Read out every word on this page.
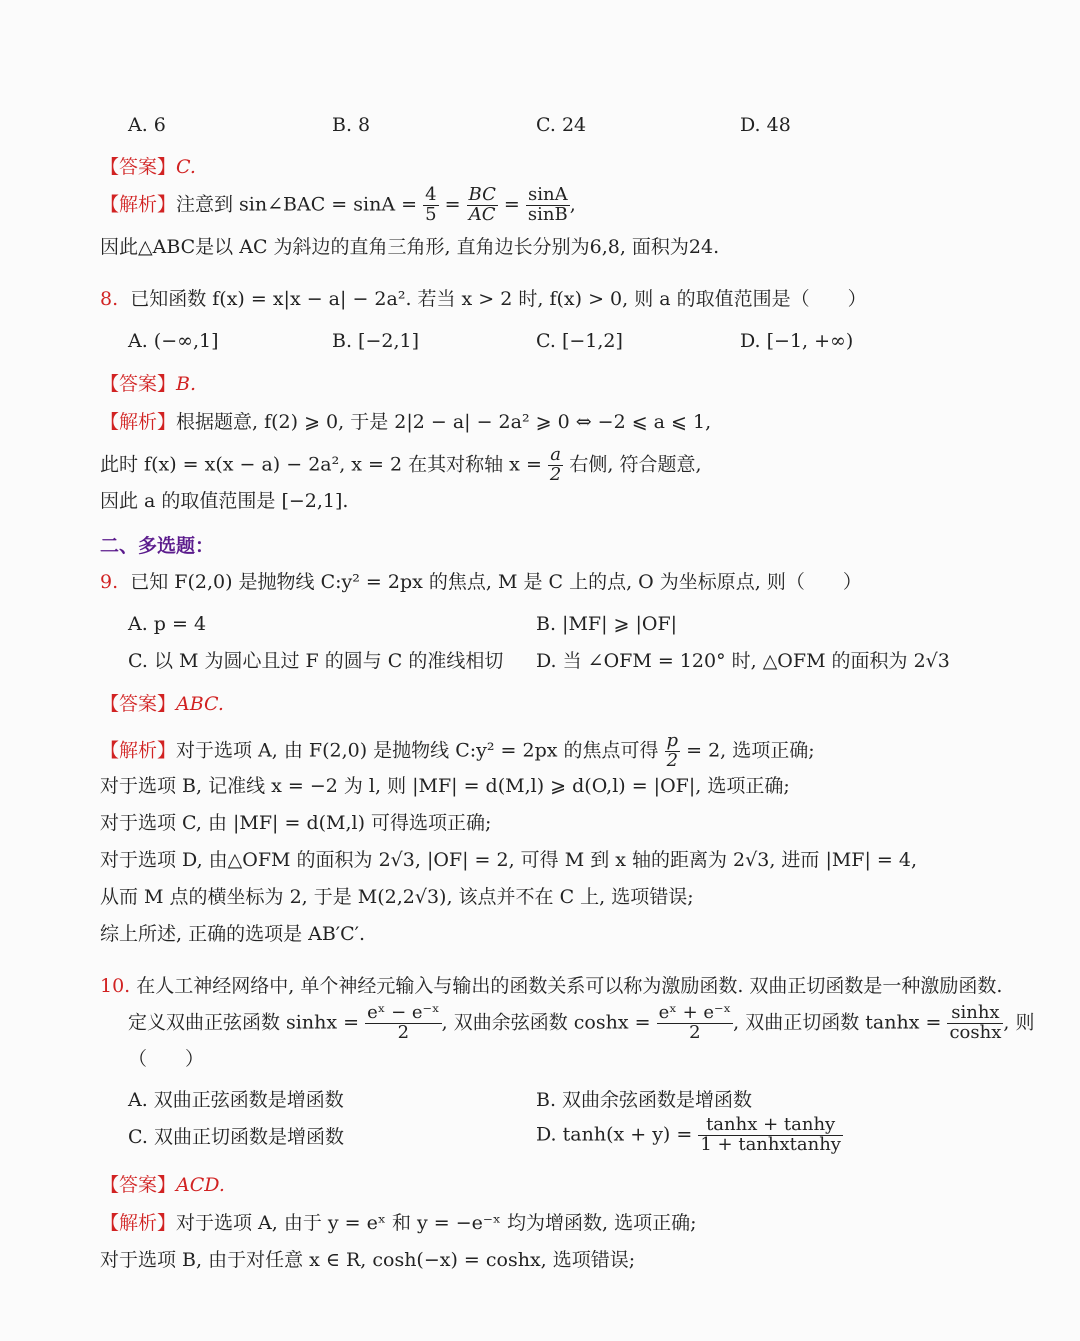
A. 6	B. 8	C. 24	D. 48
【答案】C.
【解析】注意到 sin∠BAC = $\sin A = \frac{4}{5} = \frac{BC}{AC} = \frac{\sin A}{\sin B}$ ,
因此△ABC是以 AC 为斜边的直角三角形, 直角边长分别为6,8, 面积为24.
8. 已知函数 f(x) = x|x − a| − 2a². 若当 x > 2 时, f(x) > 0, 则 a 的取值范围是（　　）
A. (−∞,1]	B. [−2,1]	C. [−1,2]	D. [−1, +∞)
【答案】B.
【解析】根据题意, f(2) ⩾ 0, 于是 2|2 − a| − 2a² ⩾ 0 ⇔ −2 ⩽ a ⩽ 1,
此时 f(x) = x(x − a) − 2a², x = 2 在其对称轴 $x = \frac{a}{2}$ 右侧, 符合题意,
因此 a 的取值范围是 [−2,1].
二、多选题：
9. 已知 F(2,0) 是抛物线 C:y² = 2px 的焦点, M 是 C 上的点, O 为坐标原点, 则（　　）
A. p = 4	B. |MF| ⩾ |OF|
C. 以 M 为圆心且过 F 的圆与 C 的准线相切 D. 当 ∠OFM = 120° 时, △OFM 的面积为 2√3
【答案】ABC.
【解析】对于选项 A, 由 F(2,0) 是抛物线 C:y² = 2px 的焦点可得 $\frac{p}{2} = 2$, 选项正确;
对于选项 B, 记准线 x = −2 为 l, 则 |MF| = d(M,l) ⩾ d(O,l) = |OF|, 选项正确;
对于选项 C, 由 |MF| = d(M,l) 可得选项正确;
对于选项 D, 由△OFM 的面积为 2√3, |OF| = 2, 可得 M 到 x 轴的距离为 2√3, 进而 |MF| = 4,
从而 M 点的横坐标为 2, 于是 M(2,2√3), 该点并不在 C 上, 选项错误;
综上所述, 正确的选项是 AB′C′.
10. 在人工神经网络中, 单个神经元输入与输出的函数关系可以称为激励函数. 双曲正切函数是一种激励函数.
定义双曲正弦函数 $\sinh x = \frac{\text{eˣ − e⁻ˣ}}{2}$ , 双曲余弦函数 $\cosh x = \frac{\text{eˣ + e⁻ˣ}}{2}$ , 双曲正切函数 $\tanh x = \frac{\sinh x}{\cosh x}$ , 则
（　　）
A. 双曲正弦函数是增函数	B. 双曲余弦函数是增函数
C. 双曲正切函数是增函数	D. $\tanh(x + y) = \frac{\tanh x + \tanh y}{\text{1 + tanhxtanhy}}$
【答案】ACD.
【解析】对于选项 A, 由于 y = eˣ 和 y = −e⁻ˣ 均为增函数, 选项正确;
对于选项 B, 由于对任意 x ∈ R, cosh(−x) = coshx, 选项错误;
